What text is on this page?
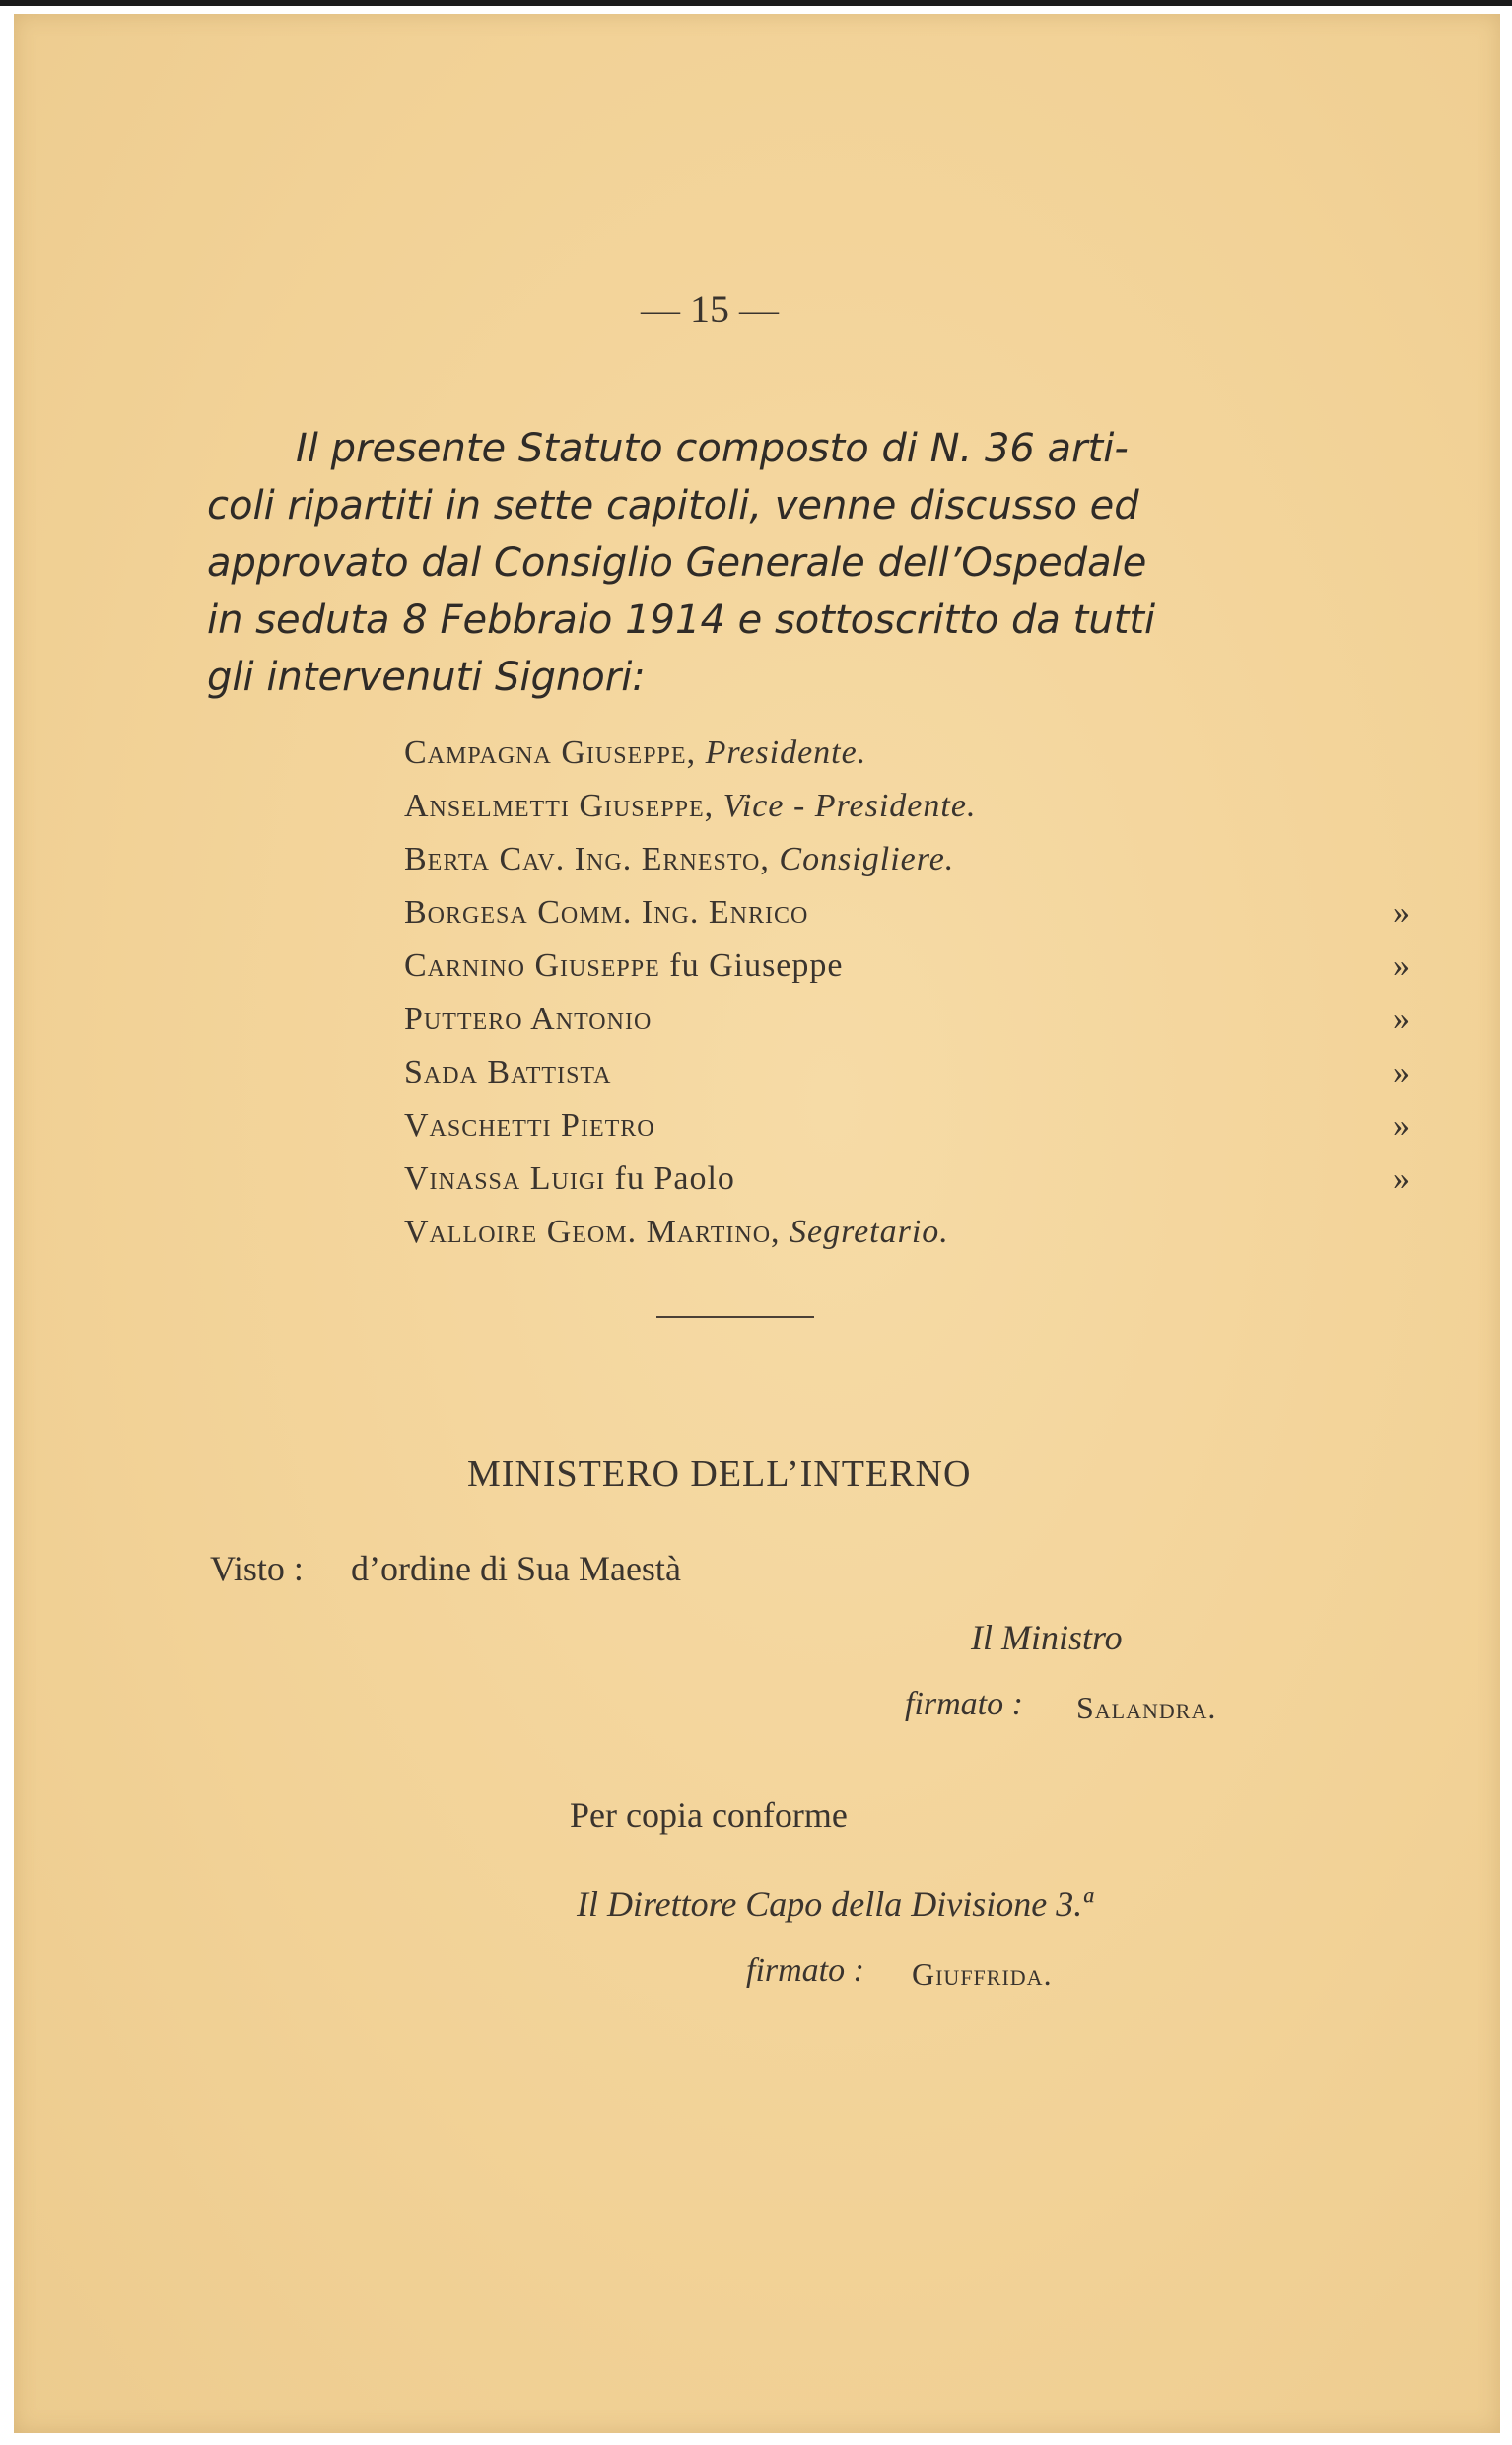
— 15 —
Il presente Statuto composto di N. 36 arti-
coli ripartiti in sette capitoli, venne discusso ed
approvato dal Consiglio Generale dell’Ospedale
in seduta 8 Febbraio 1914 e sottoscritto da tutti
gli intervenuti Signori:
Campagna Giuseppe, Presidente.
Anselmetti Giuseppe, Vice - Presidente.
Berta Cav. Ing. Ernesto, Consigliere.
Borgesa Comm. Ing. Enrico	»
Carnino Giuseppe fu Giuseppe	»
Puttero Antonio	»
Sada Battista	»
Vaschetti Pietro	»
Vinassa Luigi fu Paolo	»
Valloire Geom. Martino, Segretario.
MINISTERO DELL’INTERNO
Visto : d’ordine di Sua Maestà
Il Ministro
firmato : Salandra.
Per copia conforme
Il Direttore Capo della Divisione 3.ª
firmato : Giuffrida.
